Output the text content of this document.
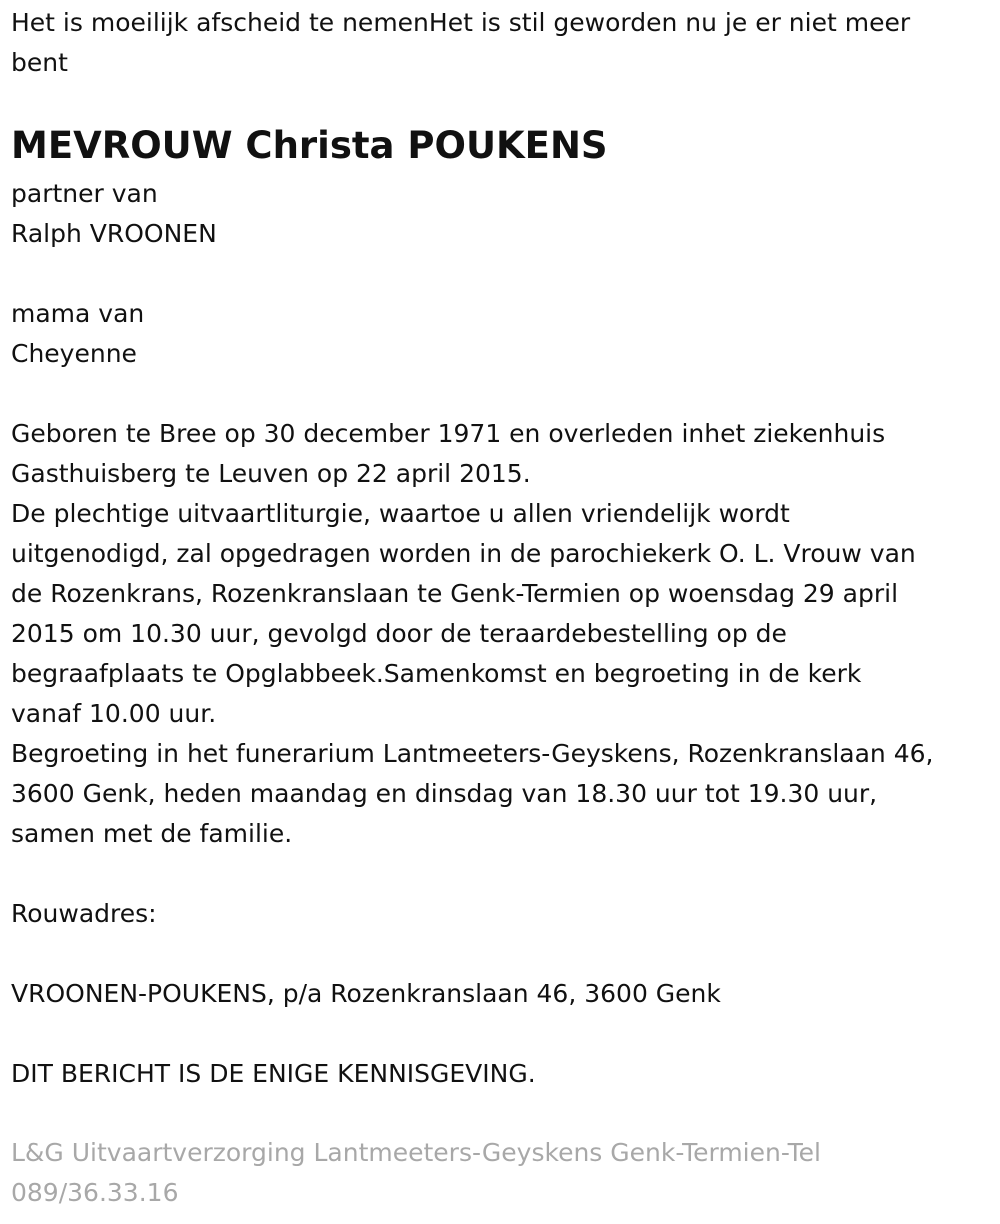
Het is moeilijk afscheid te nemenHet is stil geworden nu je er niet meer
bent
MEVROUW Christa POUKENS
partner van
Ralph VROONEN
mama van
Cheyenne
Geboren te Bree op 30 december 1971 en overleden inhet ziekenhuis
Gasthuisberg te Leuven op 22 april 2015.
De plechtige uitvaartliturgie, waartoe u allen vriendelijk wordt
uitgenodigd, zal opgedragen worden in de parochiekerk O. L. Vrouw van
de Rozenkrans, Rozenkranslaan te Genk-Termien op woensdag 29 april
2015 om 10.30 uur, gevolgd door de teraardebestelling op de
begraafplaats te Opglabbeek.Samenkomst en begroeting in de kerk
vanaf 10.00 uur.
Begroeting in het funerarium Lantmeeters-Geyskens, Rozenkranslaan 46,
3600 Genk, heden maandag en dinsdag van 18.30 uur tot 19.30 uur,
samen met de familie.
Rouwadres:
VROONEN-POUKENS, p/a Rozenkranslaan 46, 3600 Genk
DIT BERICHT IS DE ENIGE KENNISGEVING.
L&G Uitvaartverzorging Lantmeeters-Geyskens Genk-Termien-Tel
089/36.33.16
